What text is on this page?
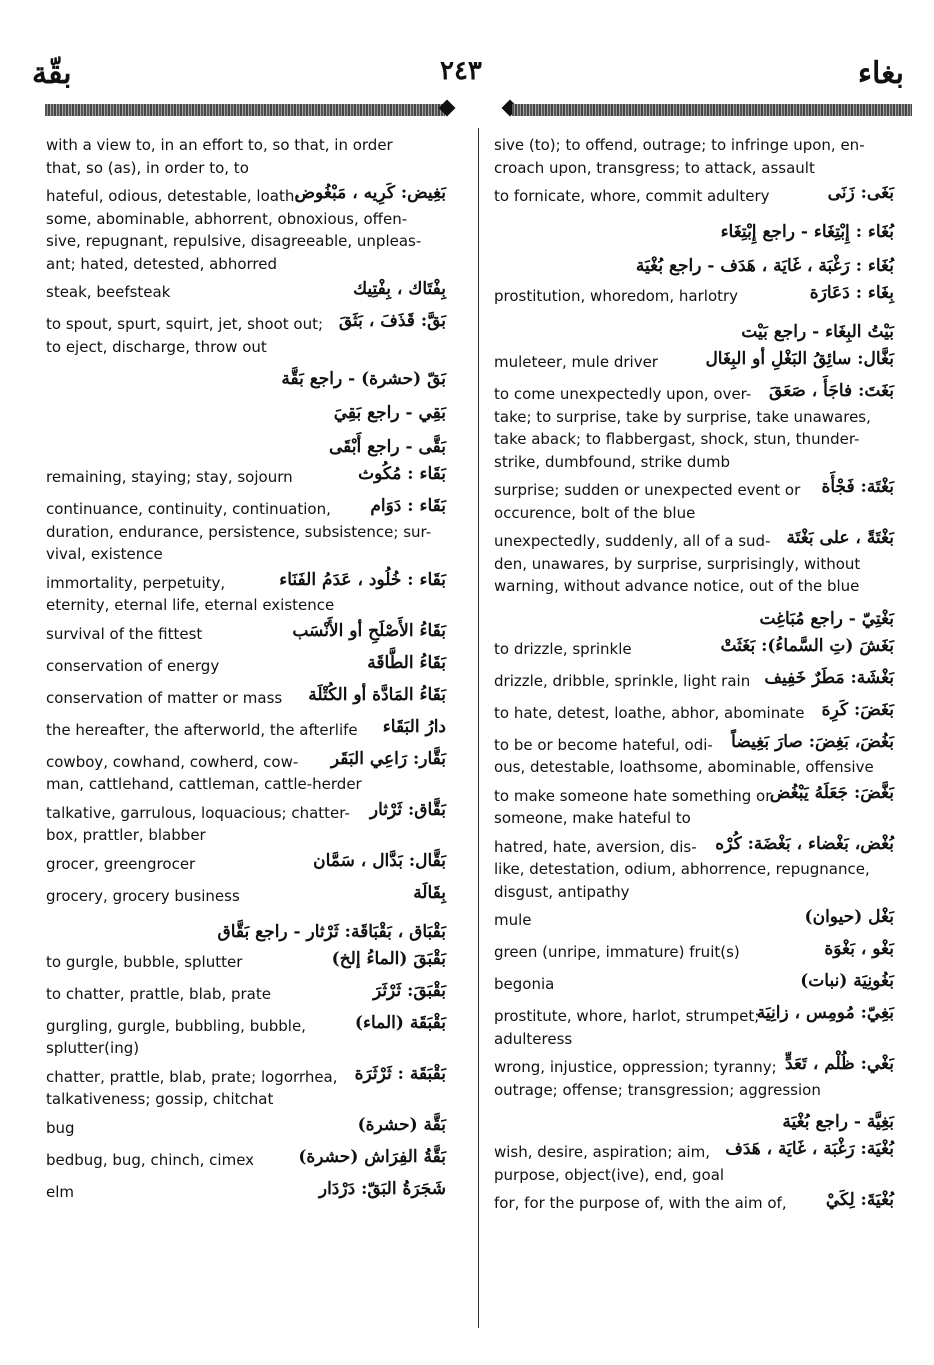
بقّة	٢٤٣	بغاء
with a view to, in an effort to, so that, in order
that, so (as), in order to, to
بَغِيض: كَرِيه ، مَبْغُوض
hateful, odious, detestable, loath-
some, abominable, abhorrent, obnoxious, offen-
sive, repugnant, repulsive, disagreeable, unpleas-
ant; hated, detested, abhorred
بِفْتَاك ، بِفْتِيك
steak, beefsteak
بَقَّ: قَذَفَ ، بَثَقَ
to spout, spurt, squirt, jet, shoot out;
to eject, discharge, throw out
بَقّ (حشرة) - راجع بَقَّة
بَقِي - راجع بَقِيَ
بَقَّى - راجع أَبْقَى
بَقَاء : مُكُوث
remaining, staying; stay, sojourn
بَقَاء : دَوَام
continuance, continuity, continuation,
duration, endurance, persistence, subsistence; sur-
vival, existence
بَقَاء : خُلُود ، عَدَمُ الفَنَاء
immortality, perpetuity,
eternity, eternal life, eternal existence
بَقَاءُ الأَصْلَحِ أو الأَنْسَب
survival of the fittest
بَقَاءُ الطَّاقَة
conservation of energy
بَقَاءُ المَادَّة أو الكُتْلَة
conservation of matter or mass
دارُ البَقَاء
the hereafter, the afterworld, the afterlife
بَقَّار: رَاعِي البَقَر
cowboy, cowhand, cowherd, cow-
man, cattlehand, cattleman, cattle-herder
بَقَّاق: ثَرْثار
talkative, garrulous, loquacious; chatter-
box, prattler, blabber
بَقَّال: بَدَّال ، سَمَّان
grocer, greengrocer
بِقَالَة
grocery, grocery business
بَقْبَاق ، بَقْبَاقَة: ثَرْثار - راجع بَقَّاق
بَقْبَقَ (الماءُ إلخ)
to gurgle, bubble, splutter
بَقْبَقَ: ثَرْثَرَ
to chatter, prattle, blab, prate
بَقْبَقَة (الماء)
gurgling, gurgle, bubbling, bubble,
splutter(ing)
بَقْبَقَة : ثَرْثَرَة
chatter, prattle, blab, prate; logorrhea,
talkativeness; gossip, chitchat
بَقَّة (حشرة)
bug
بَقَّةُ الفِرَاش (حشرة)
bedbug, bug, chinch, cimex
شَجَرَةُ البَقّ: دَرْدَار
elm
sive (to); to offend, outrage; to infringe upon, en-
croach upon, transgress; to attack, assault
بَغَى: زَنَى
to fornicate, whore, commit adultery
بُغَاء : إِبْتِغَاء - راجع إِبْتِغَاء
بُغَاء : رَغْبَة ، غَايَة ، هَدَف - راجع بُغْيَة
بِغَاء : دَعَارَة
prostitution, whoredom, harlotry
بَيْتُ البِغَاء - راجع بَيْت
بَغَّال: سائِقُ البَغْلِ أو البِغَال
muleteer, mule driver
بَغَتَ: فاجَأَ ، صَعَقَ
to come unexpectedly upon, over-
take; to surprise, take by surprise, take unawares,
take aback; to flabbergast, shock, stun, thunder-
strike, dumbfound, strike dumb
بَغْتَة: فَجْأَة
surprise; sudden or unexpected event or
occurence, bolt of the blue
بَغْتَةً ، على بَغْتَة
unexpectedly, suddenly, all of a sud-
den, unawares, by surprise, surprisingly, without
warning, without advance notice, out of the blue
بَغْتِيّ - راجع مُبَاغِت
بَغَشَ (تِ السَّماءُ): بَغَثَتْ
to drizzle, sprinkle
بَغْشَة: مَطَرٌ خَفِيف
drizzle, dribble, sprinkle, light rain
بَغَضَ: كَرِهَ
to hate, detest, loathe, abhor, abominate
بَغُضَ، بَغِضَ: صارَ بَغِيضاً
to be or become hateful, odi-
ous, detestable, loathsome, abominable, offensive
بَغَّضَ: جَعَلَهُ يَبْغُض
to make someone hate something or
someone, make hateful to
بُغْض، بَغْضاء ، بَغْضَة: كُرْه
hatred, hate, aversion, dis-
like, detestation, odium, abhorrence, repugnance,
disgust, antipathy
بَغْل (حيوان)
mule
بَغْو ، بَغْوَة
green (unripe, immature) fruit(s)
بَغُونِيَة (نبات)
begonia
بَغِيّ: مُومِس ، زانِيَة
prostitute, whore, harlot, strumpet;
adulteress
بَغْي: ظُلْم ، تَعَدٍّ
wrong, injustice, oppression; tyranny;
outrage; offense; transgression; aggression
بَغِيَّة - راجع بُغْيَة
بُغْيَة: رَغْبَة ، غَايَة ، هَدَف
wish, desire, aspiration; aim,
purpose, object(ive), end, goal
بُغْيَةَ: لِكَيْ
for, for the purpose of, with the aim of,
